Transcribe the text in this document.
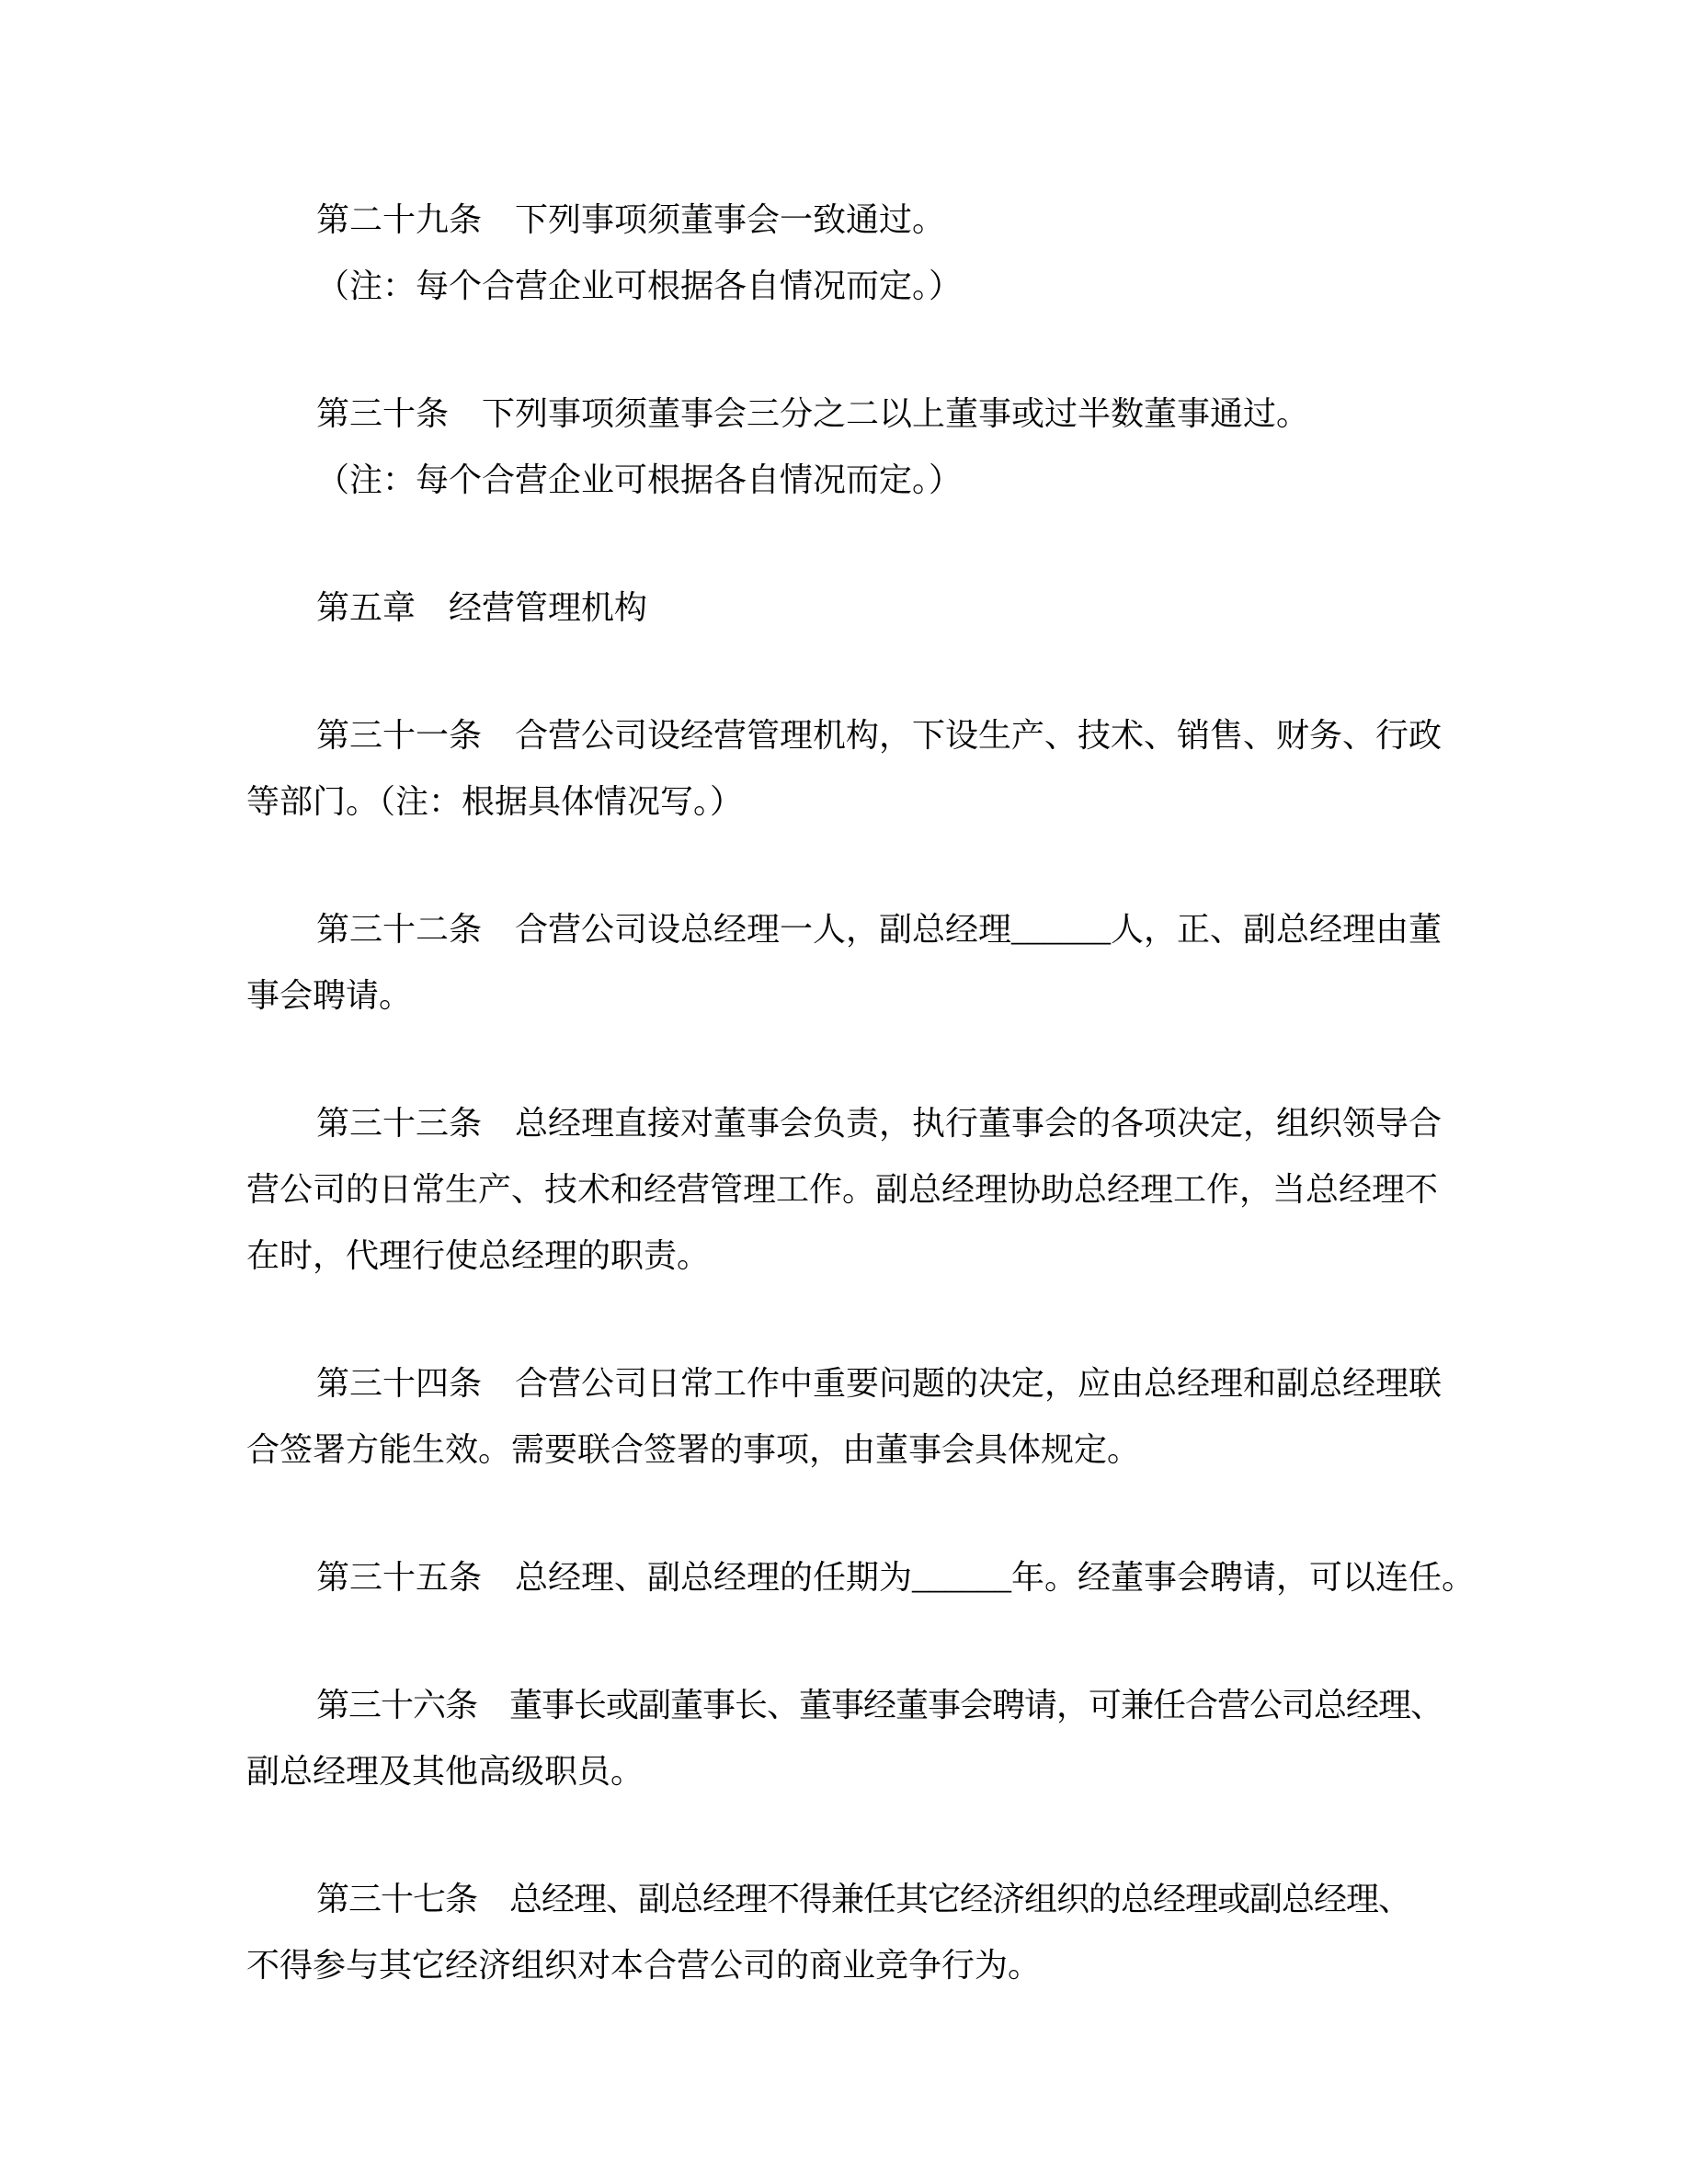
第二十九条　下列事项须董事会一致通过。
（注：每个合营企业可根据各自情况而定。）
第三十条　下列事项须董事会三分之二以上董事或过半数董事通过。
（注：每个合营企业可根据各自情况而定。）
第五章　经营管理机构
第三十一条　合营公司设经营管理机构，下设生产、技术、销售、财务、行政
等部门。（注：根据具体情况写。）
第三十二条　合营公司设总经理一人，副总经理______人，正、副总经理由董
事会聘请。
第三十三条　总经理直接对董事会负责，执行董事会的各项决定，组织领导合
营公司的日常生产、技术和经营管理工作。副总经理协助总经理工作，当总经理不
在时，代理行使总经理的职责。
第三十四条　合营公司日常工作中重要问题的决定，应由总经理和副总经理联
合签署方能生效。需要联合签署的事项，由董事会具体规定。
第三十五条　总经理、副总经理的任期为______年。经董事会聘请，可以连任。
第三十六条　董事长或副董事长、董事经董事会聘请，可兼任合营公司总经理、
副总经理及其他高级职员。
第三十七条　总经理、副总经理不得兼任其它经济组织的总经理或副总经理、
不得参与其它经济组织对本合营公司的商业竞争行为。
